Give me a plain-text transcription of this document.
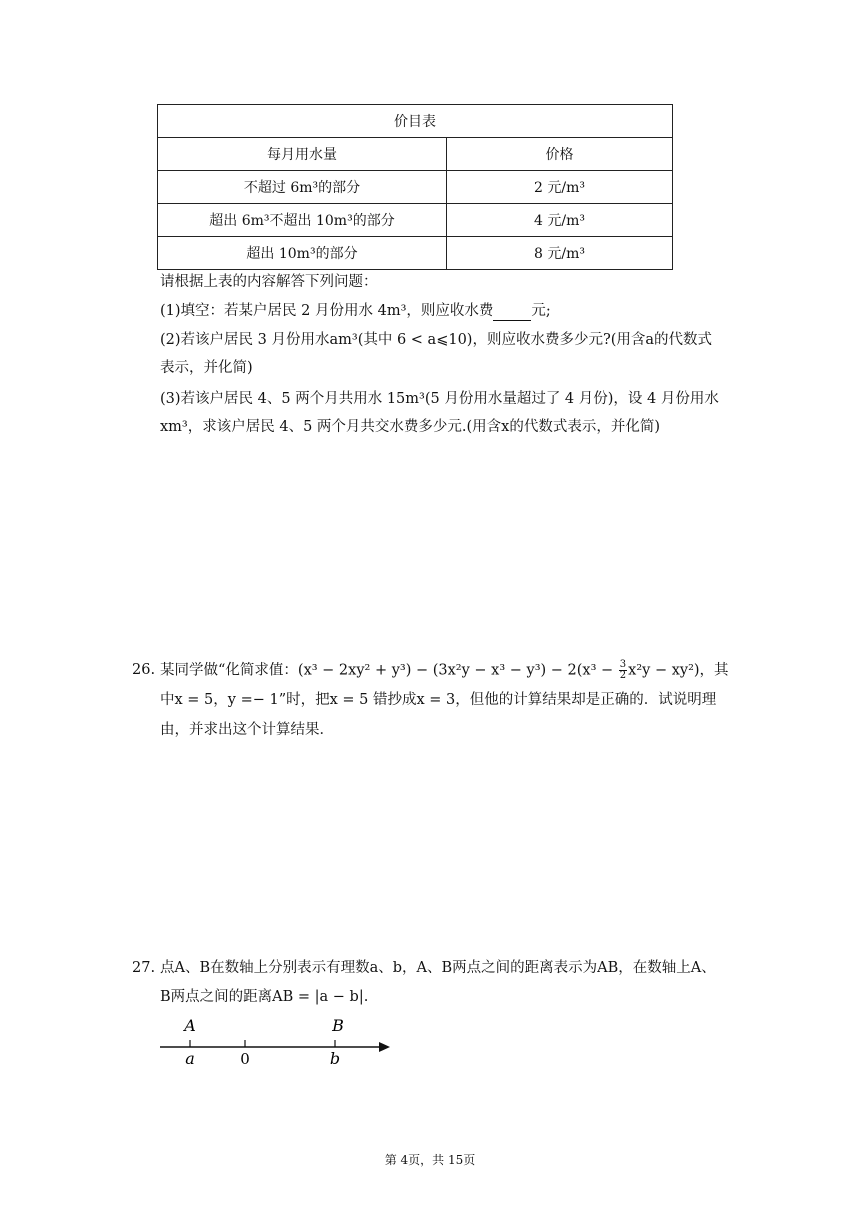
价目表	
每月用水量	价格
不超过 6m³的部分	2 元/m³
超出 6m³不超出 10m³的部分	4 元/m³
超出 10m³的部分	8 元/m³
请根据上表的内容解答下列问题：
(1)填空：若某户居民 2 月份用水 4m³，则应收水费	元;
(2)若该户居民 3 月份用水am³(其中 6 < a⩽10)，则应收水费多少元?(用含a的代数式
表示，并化简)
(3)若该户居民 4、5 两个月共用水 15m³(5 月份用水量超过了 4 月份)，设 4 月份用水
xm³，求该户居民 4、5 两个月共交水费多少元.(用含x的代数式表示，并化简)
26. 某同学做“化简求值：$(x^3 - 2xy^2 + y^3) - (3x^2y - x^3 - y^3) - 2(x^3 - \frac{3}{2} x^2y - xy^2)$，其
中x = 5，y =− 1”时，把x = 5 错抄成x = 3，但他的计算结果却是正确的．试说明理
由，并求出这个计算结果．
27. 点A、B在数轴上分别表示有理数a、b，A、B两点之间的距离表示为AB，在数轴上A、
B两点之间的距离AB = |a − b|.
A	B
a	0	b
第 4页，共 15页
